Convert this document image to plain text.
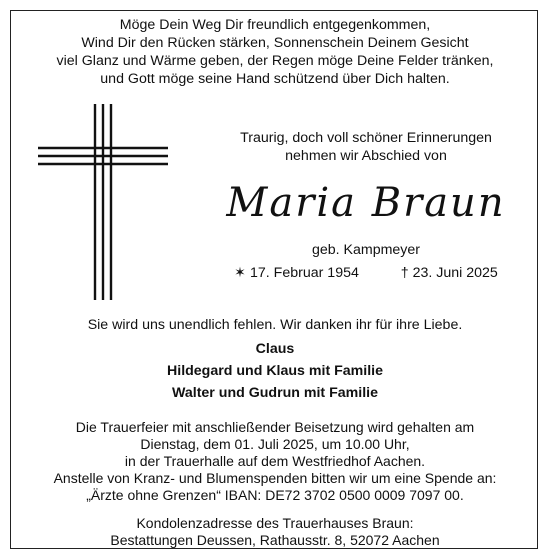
Möge Dein Weg Dir freundlich entgegenkommen,
Wind Dir den Rücken stärken, Sonnenschein Deinem Gesicht
viel Glanz und Wärme geben, der Regen möge Deine Felder tränken,
und Gott möge seine Hand schützend über Dich halten.
Traurig, doch voll schöner Erinnerungen
nehmen wir Abschied von
Maria Braun
geb. Kampmeyer
✶ 17. Februar 1954	† 23. Juni 2025
Sie wird uns unendlich fehlen. Wir danken ihr für ihre Liebe.
Claus
Hildegard und Klaus mit Familie
Walter und Gudrun mit Familie
Die Trauerfeier mit anschließender Beisetzung wird gehalten am
Dienstag, dem 01. Juli 2025, um 10.00 Uhr,
in der Trauerhalle auf dem Westfriedhof Aachen.
Anstelle von Kranz- und Blumenspenden bitten wir um eine Spende an:
„Ärzte ohne Grenzen“ IBAN: DE72 3702 0500 0009 7097 00.
Kondolenzadresse des Trauerhauses Braun:
Bestattungen Deussen, Rathausstr. 8, 52072 Aachen
